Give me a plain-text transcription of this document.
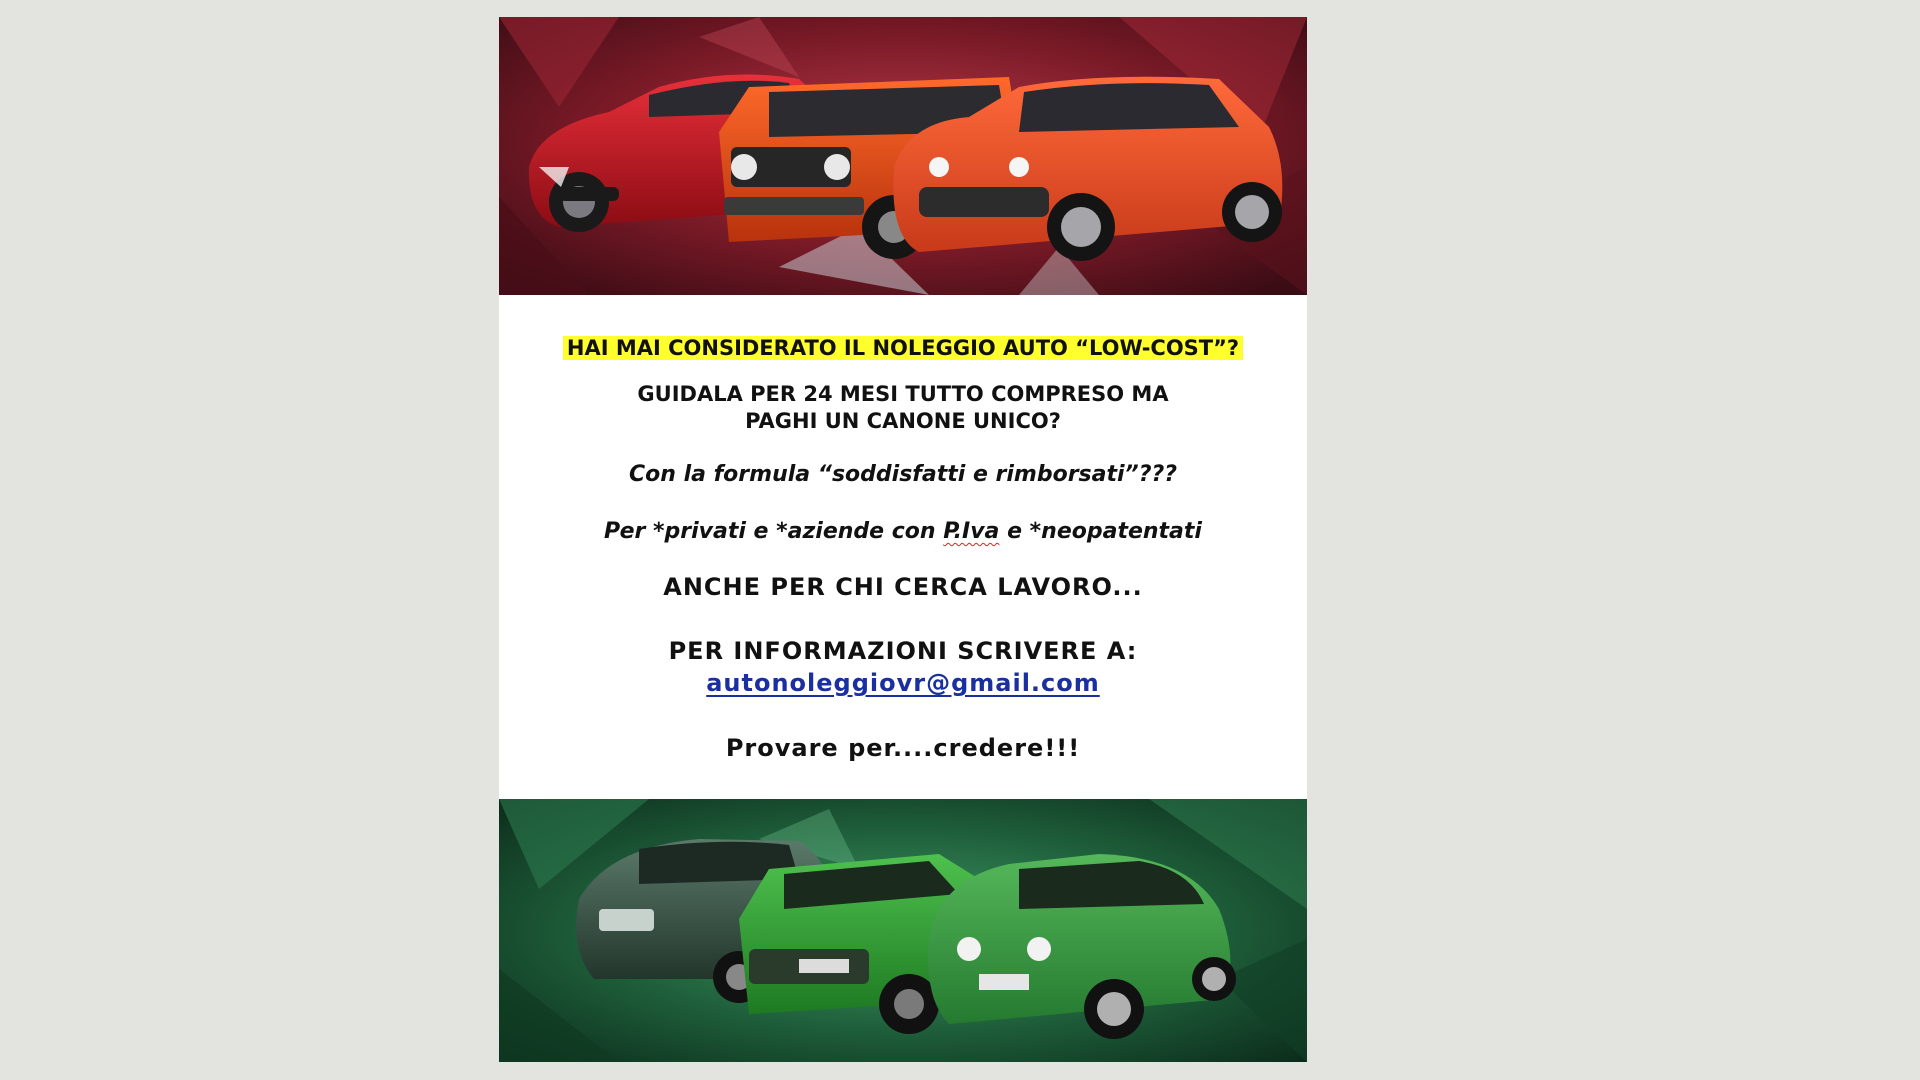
HAI MAI CONSIDERATO IL NOLEGGIO AUTO “LOW-COST”?

GUIDALA PER 24 MESI TUTTO COMPRESO MA
PAGHI UN CANONE UNICO?

Con la formula “soddisfatti e rimborsati”???

Per *privati e *aziende con P.Iva e *neopatentati

ANCHE PER CHI CERCA LAVORO...

PER INFORMAZIONI SCRIVERE A:

autonoleggiovr@gmail.com

Provare per....credere!!!
